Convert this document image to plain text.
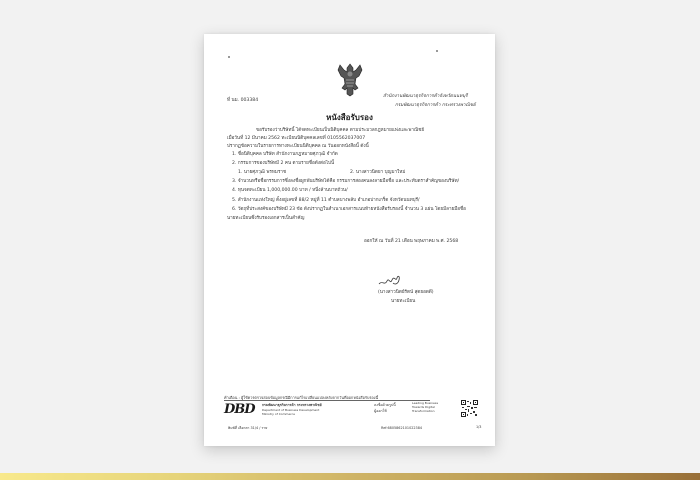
ที่ นม. 003384
สำนักงานพัฒนาธุรกิจการค้าจังหวัดนนทบุรี
กรมพัฒนาธุรกิจการค้า กระทรวงพาณิชย์
หนังสือรับรอง
ขอรับรองว่าบริษัทนี้ ได้จดทะเบียนเป็นนิติบุคคล ตามประมวลกฎหมายแพ่งและพาณิชย์
เมื่อวันที่ 12 มีนาคม 2562 ทะเบียนนิติบุคคลเลขที่ 0105562037007
ปรากฏข้อความในรายการทางทะเบียนนิติบุคคล ณ วันออกหนังสือนี้ ดังนี้
1. ชื่อนิติบุคคล บริษัท สำนักงานกฎหมายศุภวุฒิ จำกัด
2. กรรมการของบริษัทมี 2 คน ตามรายชื่อดังต่อไปนี้
1. นายศุภวุฒิ พรหมราช	2. นางสาวนิตยา บุญมาใหม่
3. จำนวนหรือชื่อกรรมการซึ่งลงชื่อผูกพันบริษัทได้คือ กรรมการสองคนลงลายมือชื่อ และประทับตราสำคัญของบริษัท/
4. ทุนจดทะเบียน 1,000,000.00 บาท / หนึ่งล้านบาทถ้วน/
5. สำนักงานแห่งใหญ่ ตั้งอยู่เลขที่ 88/2 หมู่ที่ 11 ตำบลบางพลับ อำเภอปากเกร็ด จังหวัดนนทบุรี/
6. วัตถุที่ประสงค์ของบริษัทมี 23 ข้อ ดังปรากฏในสำเนาเอกสารแนบท้ายหนังสือรับรองนี้ จำนวน 3 แผ่น โดยมีลายมือชื่อ
นายทะเบียนซึ่งรับรองเอกสารเป็นสำคัญ
ออกให้ ณ วันที่ 21 เดือน พฤษภาคม พ.ศ. 2568
(นางสาวนิตย์รัตน์ สุดยอดดี)
นายทะเบียน
คำเตือน : ผู้ใช้ควรตรวจสอบข้อมูลกรณีมีการแก้ไขเปลี่ยนแปลงหลังจากวันที่ออกหนังสือรับรองนี้
DBD	กรมพัฒนาธุรกิจการค้า กระทรวงพาณิชย์
Department of Business Development
Ministry of Commerce
ลงชื่อด้วยรูปนี้
ผู้ออกใช้
Leading Business
Towards Digital
Transformation
พิมพ์ที่ เลือกตา 31/4 / ราษ	Ref:6805862101022384	1/3
